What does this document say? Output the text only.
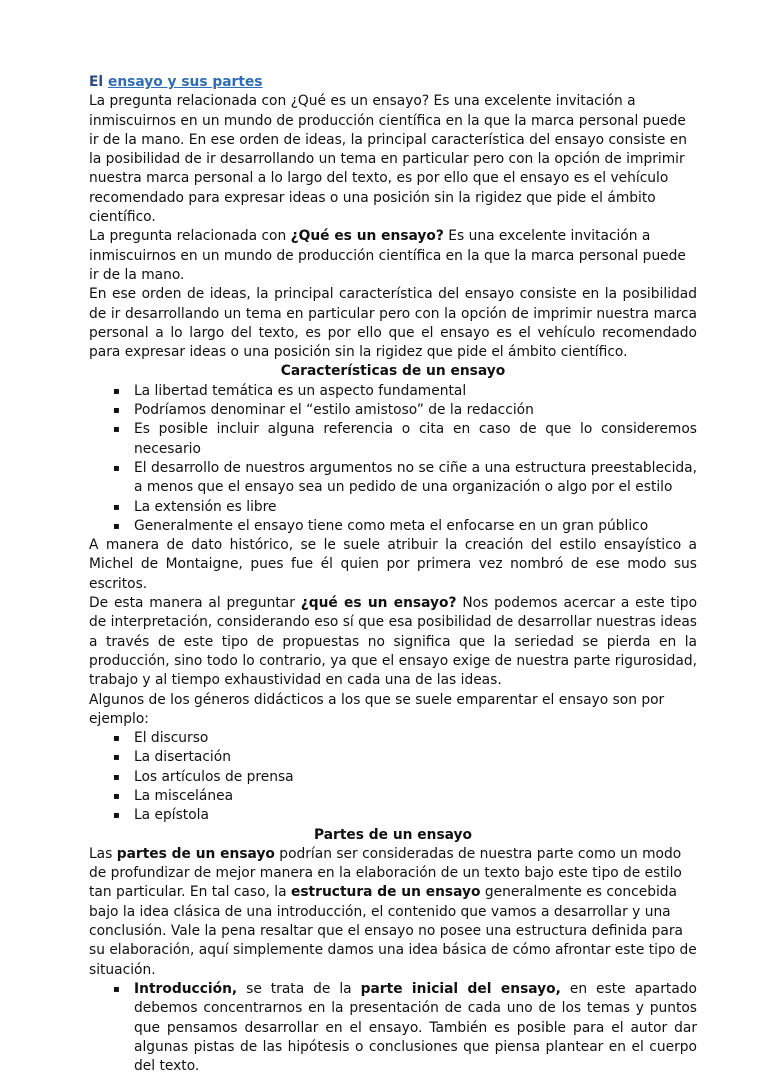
El ensayo y sus partes

La pregunta relacionada con ¿Qué es un ensayo? Es una excelente invitación a inmiscuirnos en un mundo de producción científica en la que la marca personal puede ir de la mano. En ese orden de ideas, la principal característica del ensayo consiste en la posibilidad de ir desarrollando un tema en particular pero con la opción de imprimir nuestra marca personal a lo largo del texto, es por ello que el ensayo es el vehículo recomendado para expresar ideas o una posición sin la rigidez que pide el ámbito científico.

La pregunta relacionada con ¿Qué es un ensayo? Es una excelente invitación a inmiscuirnos en un mundo de producción científica en la que la marca personal puede ir de la mano.

En ese orden de ideas, la principal característica del ensayo consiste en la posibilidad de ir desarrollando un tema en particular pero con la opción de imprimir nuestra marca personal a lo largo del texto, es por ello que el ensayo es el vehículo recomendado para expresar ideas o una posición sin la rigidez que pide el ámbito científico.

Características de un ensayo

▪ La libertad temática es un aspecto fundamental
▪ Podríamos denominar el “estilo amistoso” de la redacción
▪ Es posible incluir alguna referencia o cita en caso de que lo consideremos necesario
▪ El desarrollo de nuestros argumentos no se ciñe a una estructura preestablecida, a menos que el ensayo sea un pedido de una organización o algo por el estilo
▪ La extensión es libre
▪ Generalmente el ensayo tiene como meta el enfocarse en un gran público

A manera de dato histórico, se le suele atribuir la creación del estilo ensayístico a Michel de Montaigne, pues fue él quien por primera vez nombró de ese modo sus escritos.

De esta manera al preguntar ¿qué es un ensayo? Nos podemos acercar a este tipo de interpretación, considerando eso sí que esa posibilidad de desarrollar nuestras ideas a través de este tipo de propuestas no significa que la seriedad se pierda en la producción, sino todo lo contrario, ya que el ensayo exige de nuestra parte rigurosidad, trabajo y al tiempo exhaustividad en cada una de las ideas.

Algunos de los géneros didácticos a los que se suele emparentar el ensayo son por ejemplo:

▪ El discurso
▪ La disertación
▪ Los artículos de prensa
▪ La miscelánea
▪ La epístola

Partes de un ensayo

Las partes de un ensayo podrían ser consideradas de nuestra parte como un modo de profundizar de mejor manera en la elaboración de un texto bajo este tipo de estilo tan particular. En tal caso, la estructura de un ensayo generalmente es concebida bajo la idea clásica de una introducción, el contenido que vamos a desarrollar y una conclusión. Vale la pena resaltar que el ensayo no posee una estructura definida para su elaboración, aquí simplemente damos una idea básica de cómo afrontar este tipo de situación.

▪ Introducción, se trata de la parte inicial del ensayo, en este apartado debemos concentrarnos en la presentación de cada uno de los temas y puntos que pensamos desarrollar en el ensayo. También es posible para el autor dar algunas pistas de las hipótesis o conclusiones que piensa plantear en el cuerpo del texto.
